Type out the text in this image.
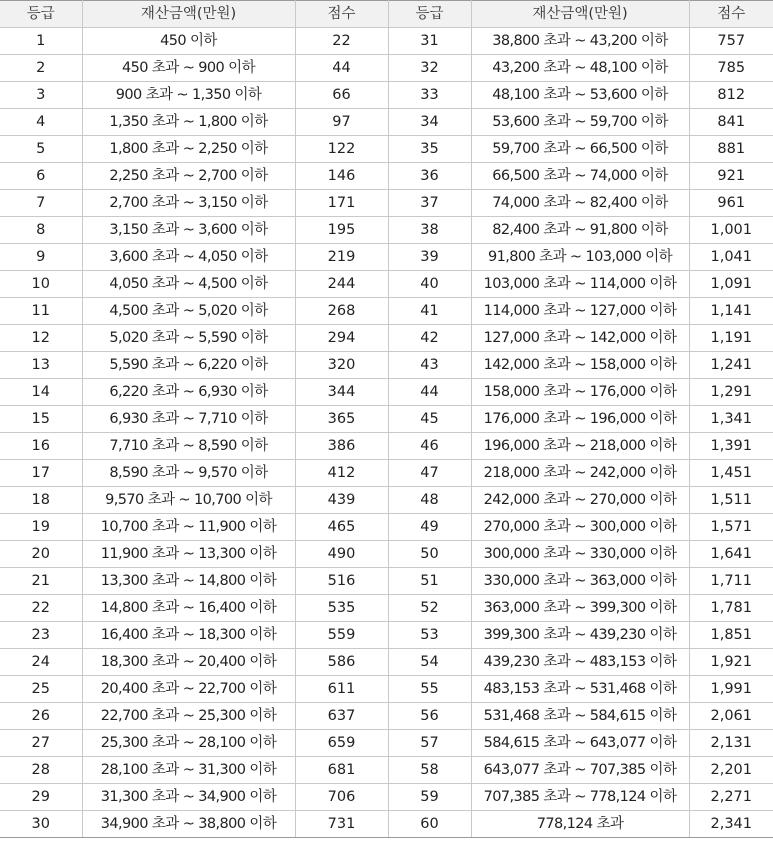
등급	재산금액(만원)	점수	등급	재산금액(만원)	점수
1	450 이하	22	31	38,800 초과 ~ 43,200 이하	757
2	450 초과 ~ 900 이하	44	32	43,200 초과 ~ 48,100 이하	785
3	900 초과 ~ 1,350 이하	66	33	48,100 초과 ~ 53,600 이하	812
4	1,350 초과 ~ 1,800 이하	97	34	53,600 초과 ~ 59,700 이하	841
5	1,800 초과 ~ 2,250 이하	122	35	59,700 초과 ~ 66,500 이하	881
6	2,250 초과 ~ 2,700 이하	146	36	66,500 초과 ~ 74,000 이하	921
7	2,700 초과 ~ 3,150 이하	171	37	74,000 초과 ~ 82,400 이하	961
8	3,150 초과 ~ 3,600 이하	195	38	82,400 초과 ~ 91,800 이하	1,001
9	3,600 초과 ~ 4,050 이하	219	39	91,800 초과 ~ 103,000 이하	1,041
10	4,050 초과 ~ 4,500 이하	244	40	103,000 초과 ~ 114,000 이하	1,091
11	4,500 초과 ~ 5,020 이하	268	41	114,000 초과 ~ 127,000 이하	1,141
12	5,020 초과 ~ 5,590 이하	294	42	127,000 초과 ~ 142,000 이하	1,191
13	5,590 초과 ~ 6,220 이하	320	43	142,000 초과 ~ 158,000 이하	1,241
14	6,220 초과 ~ 6,930 이하	344	44	158,000 초과 ~ 176,000 이하	1,291
15	6,930 초과 ~ 7,710 이하	365	45	176,000 초과 ~ 196,000 이하	1,341
16	7,710 초과 ~ 8,590 이하	386	46	196,000 초과 ~ 218,000 이하	1,391
17	8,590 초과 ~ 9,570 이하	412	47	218,000 초과 ~ 242,000 이하	1,451
18	9,570 초과 ~ 10,700 이하	439	48	242,000 초과 ~ 270,000 이하	1,511
19	10,700 초과 ~ 11,900 이하	465	49	270,000 초과 ~ 300,000 이하	1,571
20	11,900 초과 ~ 13,300 이하	490	50	300,000 초과 ~ 330,000 이하	1,641
21	13,300 초과 ~ 14,800 이하	516	51	330,000 초과 ~ 363,000 이하	1,711
22	14,800 초과 ~ 16,400 이하	535	52	363,000 초과 ~ 399,300 이하	1,781
23	16,400 초과 ~ 18,300 이하	559	53	399,300 초과 ~ 439,230 이하	1,851
24	18,300 초과 ~ 20,400 이하	586	54	439,230 초과 ~ 483,153 이하	1,921
25	20,400 초과 ~ 22,700 이하	611	55	483,153 초과 ~ 531,468 이하	1,991
26	22,700 초과 ~ 25,300 이하	637	56	531,468 초과 ~ 584,615 이하	2,061
27	25,300 초과 ~ 28,100 이하	659	57	584,615 초과 ~ 643,077 이하	2,131
28	28,100 초과 ~ 31,300 이하	681	58	643,077 초과 ~ 707,385 이하	2,201
29	31,300 초과 ~ 34,900 이하	706	59	707,385 초과 ~ 778,124 이하	2,271
30	34,900 초과 ~ 38,800 이하	731	60	778,124 초과	2,341
